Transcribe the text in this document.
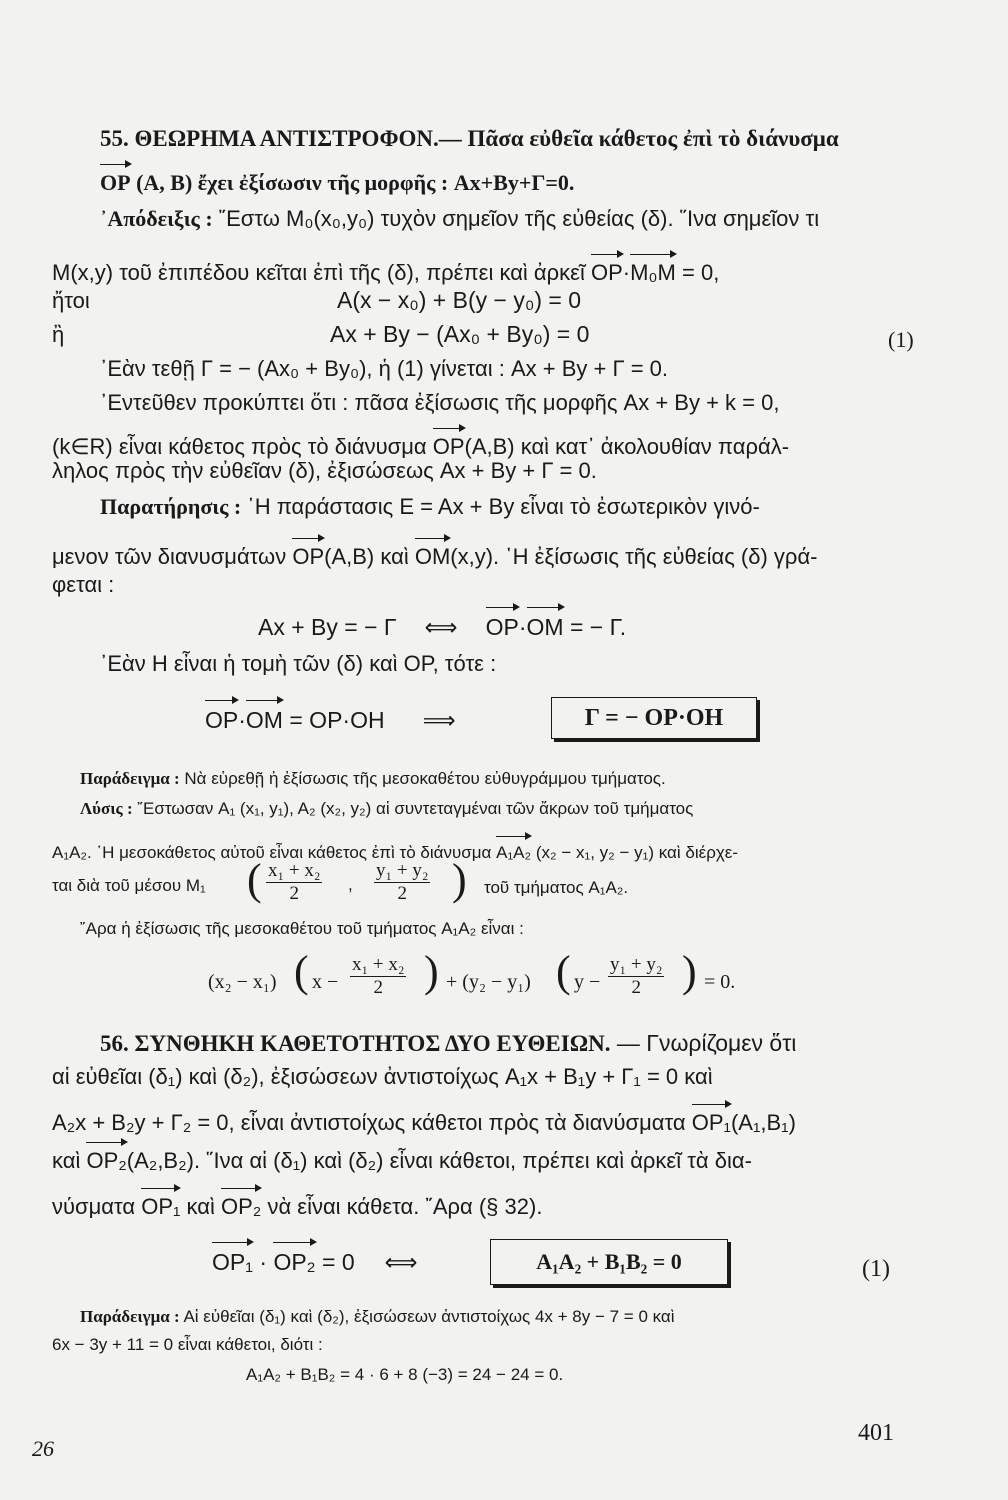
55. ΘΕΩΡΗΜΑ ΑΝΤΙΣΤΡΟΦΟΝ.— Πᾶσα εὐθεῖα κάθετος ἐπὶ τὸ διάνυσμα
OP (A, B) ἔχει ἐξίσωσιν τῆς μορφῆς : Ax+By+Γ=0.
᾽Απόδειξις : ῎Εστω M₀(x₀,y₀) τυχὸν σημεῖον τῆς εὐθείας (δ). ῞Ινα σημεῖον τι
M(x,y) τοῦ ἐπιπέδου κεῖται ἐπὶ τῆς (δ), πρέπει καὶ ἀρκεῖ OP·M₀M = 0,
ἤτοι	A(x − x₀) + B(y − y₀) = 0
ἢ	Ax + By − (Ax₀ + By₀) = 0	(1)
᾽Εὰν τεθῇ Γ = − (Ax₀ + By₀), ἡ (1) γίνεται : Ax + By + Γ = 0.
᾽Εντεῦθεν προκύπτει ὅτι : πᾶσα ἐξίσωσις τῆς μορφῆς Ax + By + k = 0,
(k∈R) εἶναι κάθετος πρὸς τὸ διάνυσμα OP(A,B) καὶ κατ᾽ ἀκολουθίαν παράλ-
ληλος πρὸς τὴν εὐθεῖαν (δ), ἐξισώσεως Ax + By + Γ = 0.
Παρατήρησις : ῾Η παράστασις E = Ax + By εἶναι τὸ ἐσωτερικὸν γινό-
μενον τῶν διανυσμάτων OP(A,B) καὶ OM(x,y). ῾Η ἐξίσωσις τῆς εὐθείας (δ) γρά-
φεται :
Ax + By = − Γ ⟺ OP·OM = − Γ.
᾽Εὰν H εἶναι ἡ τομὴ τῶν (δ) καὶ OP, τότε :
OP·OM = OP·OH ⟹	Γ = − OP·OH
Παράδειγμα : Νὰ εὑρεθῇ ἡ ἐξίσωσις τῆς μεσοκαθέτου εὐθυγράμμου τμήματος.
Λύσις : ῎Εστωσαν A₁ (x₁, y₁), A₂ (x₂, y₂) αἱ συντεταγμέναι τῶν ἄκρων τοῦ τμήματος
A₁A₂. ῾Η μεσοκάθετος αὐτοῦ εἶναι κάθετος ἐπὶ τὸ διάνυσμα A₁A₂ (x₂ − x₁, y₂ − y₁) καὶ διέρχε-
ται διὰ τοῦ μέσου M₁ ( $\frac{\text{x₁ + x₂}}{2}$ , $\frac{\text{y₁ + y₂}}{2}$ ) τοῦ τμήματος A₁A₂.
῎Αρα ἡ ἐξίσωσις τῆς μεσοκαθέτου τοῦ τμήματος A₁A₂ εἶναι :
(x₂ − x₁) ( $x - \frac{\text{x₁ + x₂}}{2}$ ) + (y₂ − y₁) ( $y - \frac{\text{y₁ + y₂}}{2}$ ) = 0.
56. ΣΥΝΘΗΚΗ ΚΑΘΕΤΟΤΗΤΟΣ ΔΥΟ ΕΥΘΕΙΩΝ. — Γνωρίζομεν ὅτι
αἱ εὐθεῖαι (δ₁) καὶ (δ₂), ἐξισώσεων ἀντιστοίχως A₁x + B₁y + Γ₁ = 0 καὶ
A₂x + B₂y + Γ₂ = 0, εἶναι ἀντιστοίχως κάθετοι πρὸς τὰ διανύσματα OP₁(A₁,B₁)
καὶ OP₂(A₂,B₂). ῞Ινα αἱ (δ₁) καὶ (δ₂) εἶναι κάθετοι, πρέπει καὶ ἀρκεῖ τὰ δια-
νύσματα OP₁ καὶ OP₂ νὰ εἶναι κάθετα. ῎Αρα (§ 32).
OP₁ · OP₂ = 0 ⟺	A₁A₂ + B₁B₂ = 0	(1)
Παράδειγμα : Αἱ εὐθεῖαι (δ₁) καὶ (δ₂), ἐξισώσεων ἀντιστοίχως 4x + 8y − 7 = 0 καὶ
6x − 3y + 11 = 0 εἶναι κάθετοι, διότι :
A₁A₂ + B₁B₂ = 4 · 6 + 8 (−3) = 24 − 24 = 0.
26
401
